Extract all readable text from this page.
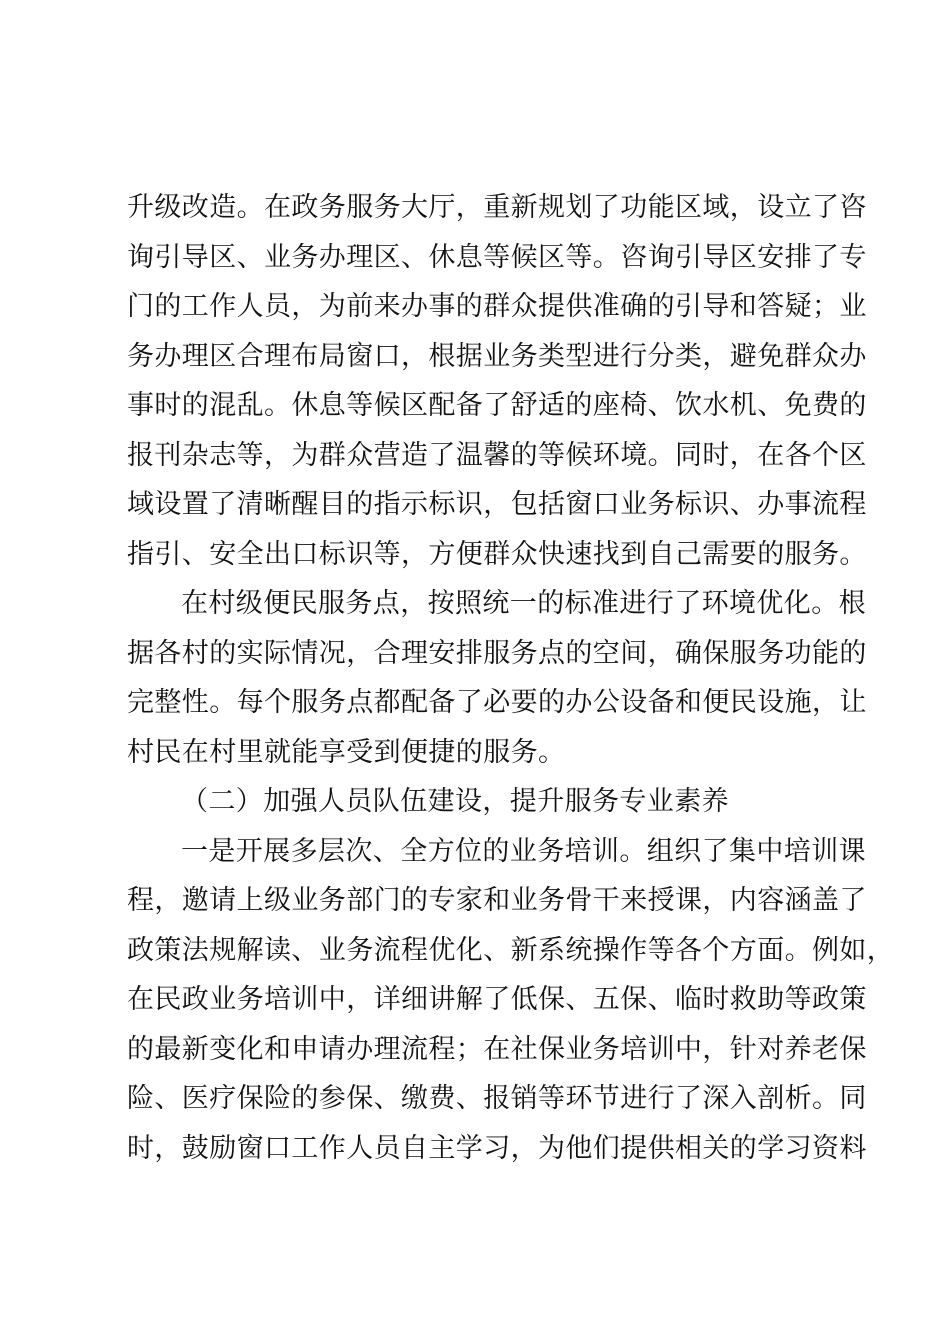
升级改造。在政务服务大厅，重新规划了功能区域，设立了咨
询引导区、业务办理区、休息等候区等。咨询引导区安排了专
门的工作人员，为前来办事的群众提供准确的引导和答疑；业
务办理区合理布局窗口，根据业务类型进行分类，避免群众办
事时的混乱。休息等候区配备了舒适的座椅、饮水机、免费的
报刊杂志等，为群众营造了温馨的等候环境。同时，在各个区
域设置了清晰醒目的指示标识，包括窗口业务标识、办事流程
指引、安全出口标识等，方便群众快速找到自己需要的服务。
在村级便民服务点，按照统一的标准进行了环境优化。根
据各村的实际情况，合理安排服务点的空间，确保服务功能的
完整性。每个服务点都配备了必要的办公设备和便民设施，让
村民在村里就能享受到便捷的服务。
（二）加强人员队伍建设，提升服务专业素养
一是开展多层次、全方位的业务培训。组织了集中培训课
程，邀请上级业务部门的专家和业务骨干来授课，内容涵盖了
政策法规解读、业务流程优化、新系统操作等各个方面。例如，
在民政业务培训中，详细讲解了低保、五保、临时救助等政策
的最新变化和申请办理流程；在社保业务培训中，针对养老保
险、医疗保险的参保、缴费、报销等环节进行了深入剖析。同
时，鼓励窗口工作人员自主学习，为他们提供相关的学习资料
